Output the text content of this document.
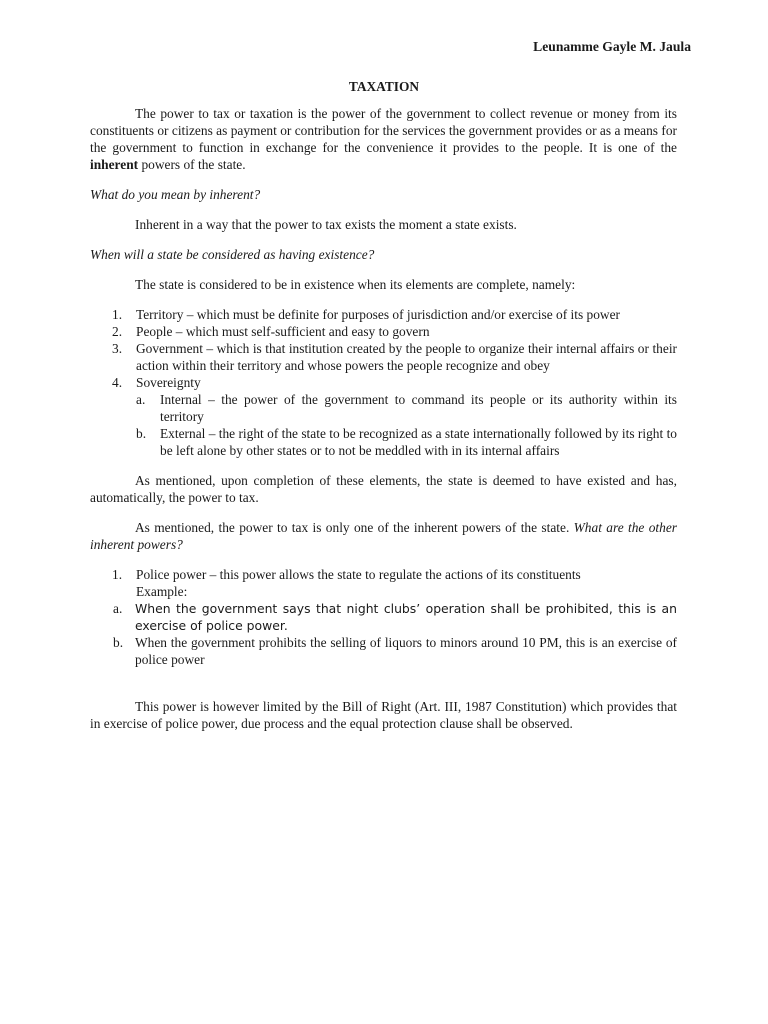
Leunamme Gayle M. Jaula
TAXATION

The power to tax or taxation is the power of the government to collect revenue or money from its constituents or citizens as payment or contribution for the services the government provides or as a means for the government to function in exchange for the convenience it provides to the people. It is one of the inherent powers of the state.

What do you mean by inherent?

Inherent in a way that the power to tax exists the moment a state exists.

When will a state be considered as having existence?

The state is considered to be in existence when its elements are complete, namely:

1. Territory – which must be definite for purposes of jurisdiction and/or exercise of its power
2. People – which must self-sufficient and easy to govern
3. Government – which is that institution created by the people to organize their internal affairs or their action within their territory and whose powers the people recognize and obey
4. Sovereignty
a. Internal – the power of the government to command its people or its authority within its territory
b. External – the right of the state to be recognized as a state internationally followed by its right to be left alone by other states or to not be meddled with in its internal affairs

As mentioned, upon completion of these elements, the state is deemed to have existed and has, automatically, the power to tax.

As mentioned, the power to tax is only one of the inherent powers of the state. What are the other inherent powers?

1. Police power – this power allows the state to regulate the actions of its constituents
Example:
a. When the government says that night clubs’ operation shall be prohibited, this is an exercise of police power.
b. When the government prohibits the selling of liquors to minors around 10 PM, this is an exercise of police power

This power is however limited by the Bill of Right (Art. III, 1987 Constitution) which provides that in exercise of police power, due process and the equal protection clause shall be observed.
